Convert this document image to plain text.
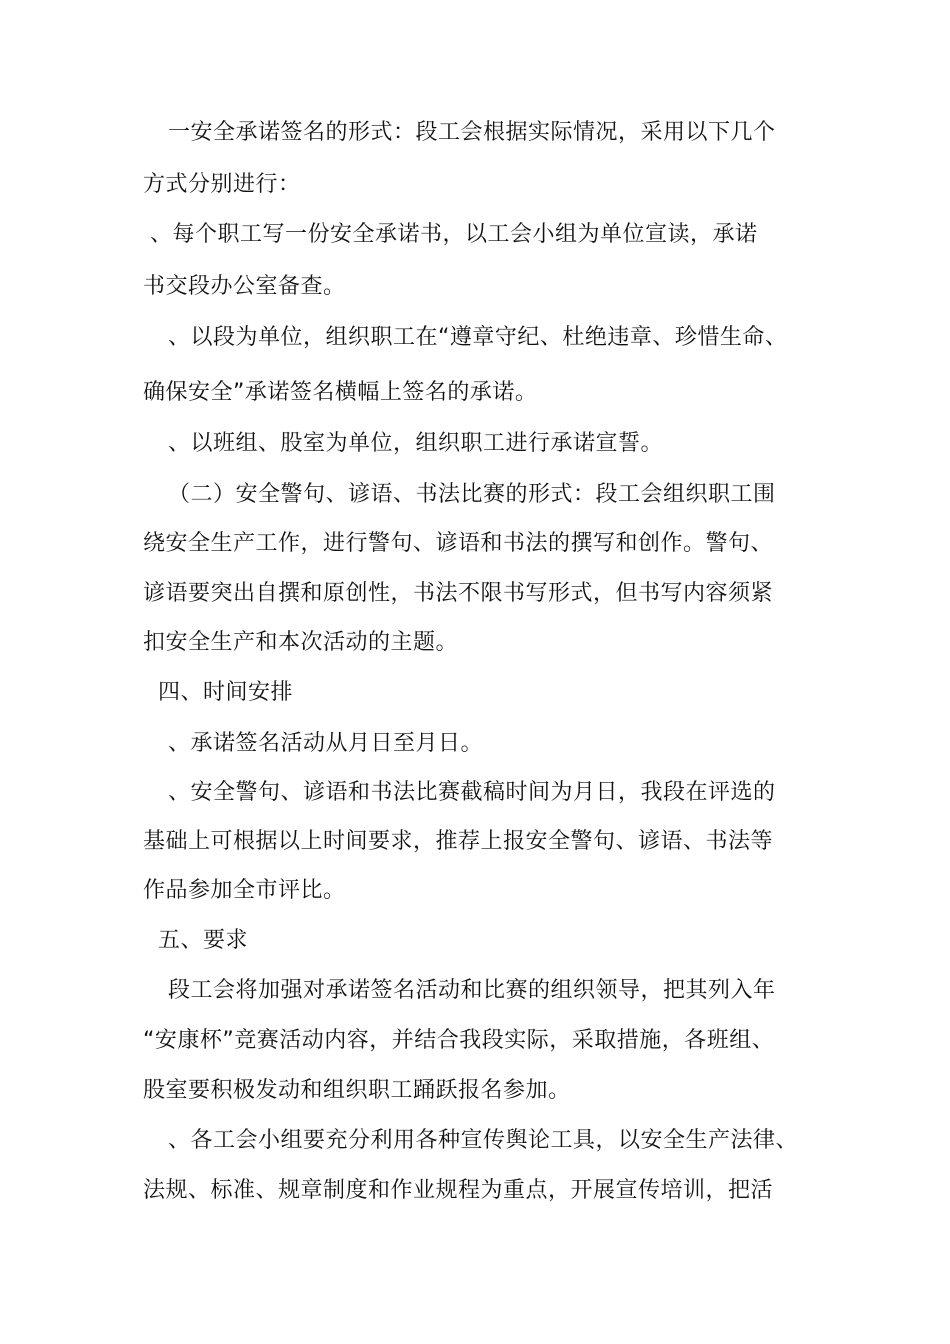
一安全承诺签名的形式：段工会根据实际情况，采用以下几个
方式分别进行：
、每个职工写一份安全承诺书，以工会小组为单位宣读，承诺
书交段办公室备查。
、以段为单位，组织职工在“遵章守纪、杜绝违章、珍惜生命、
确保安全”承诺签名横幅上签名的承诺。
、以班组、股室为单位，组织职工进行承诺宣誓。
（二）安全警句、谚语、书法比赛的形式：段工会组织职工围
绕安全生产工作，进行警句、谚语和书法的撰写和创作。警句、
谚语要突出自撰和原创性，书法不限书写形式，但书写内容须紧
扣安全生产和本次活动的主题。
四、时间安排
、承诺签名活动从月日至月日。
、安全警句、谚语和书法比赛截稿时间为月日，我段在评选的
基础上可根据以上时间要求，推荐上报安全警句、谚语、书法等
作品参加全市评比。
五、要求
段工会将加强对承诺签名活动和比赛的组织领导，把其列入年
“安康杯”竞赛活动内容，并结合我段实际，采取措施，各班组、
股室要积极发动和组织职工踊跃报名参加。
、各工会小组要充分利用各种宣传舆论工具，以安全生产法律、
法规、标准、规章制度和作业规程为重点，开展宣传培训，把活
